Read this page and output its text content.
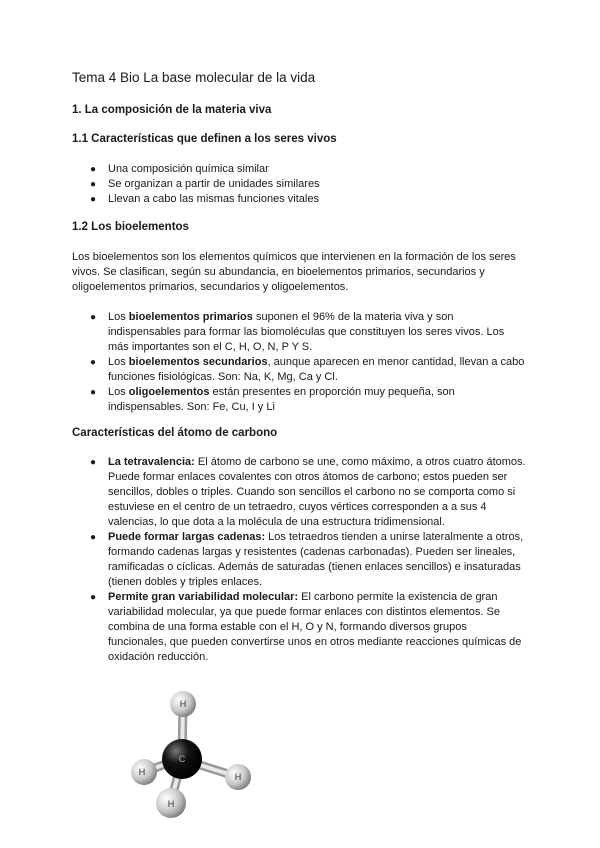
Tema 4 Bio La base molecular de la vida
1. La composición de la materia viva
1.1 Características que definen a los seres vivos
● Una composición química similar
● Se organizan a partir de unidades similares
● Llevan a cabo las mismas funciones vitales
1.2 Los bioelementos
Los bioelementos son los elementos químicos que intervienen en la formación de los seres vivos. Se clasifican, según su abundancia, en bioelementos primarios, secundarios y oligoelementos primarios, secundarios y oligoelementos.
● Los bioelementos primarios suponen el 96% de la materia viva y son indispensables para formar las biomoléculas que constituyen los seres vivos. Los más importantes son el C, H, O, N, P Y S.
● Los bioelementos secundarios, aunque aparecen en menor cantidad, llevan a cabo funciones fisiológicas. Son: Na, K, Mg, Ca y Cl.
● Los oligoelementos están presentes en proporción muy pequeña, son indispensables. Son: Fe, Cu, I y Li
Características del átomo de carbono
● La tetravalencia: El átomo de carbono se une, como máximo, a otros cuatro átomos. Puede formar enlaces covalentes con otros átomos de carbono; estos pueden ser sencillos, dobles o triples. Cuando son sencillos el carbono no se comporta como si estuviese en el centro de un tetraedro, cuyos vértices corresponden a a sus 4 valencias, lo que dota a la molécula de una estructura tridimensional.
● Puede formar largas cadenas: Los tetraedros tienden a unirse lateralmente a otros, formando cadenas largas y resistentes (cadenas carbonadas). Pueden ser lineales, ramificadas o cíclicas. Además de saturadas (tienen enlaces sencillos) e insaturadas (tienen dobles y triples enlaces.
● Permite gran variabilidad molecular: El carbono permite la existencia de gran variabilidad molecular, ya que puede formar enlaces con distintos elementos. Se combina de una forma estable con el H, O y N, formando diversos grupos funcionales, que pueden convertirse unos en otros mediante reacciones químicas de oxidación reducción.
H
C
H
H
H
